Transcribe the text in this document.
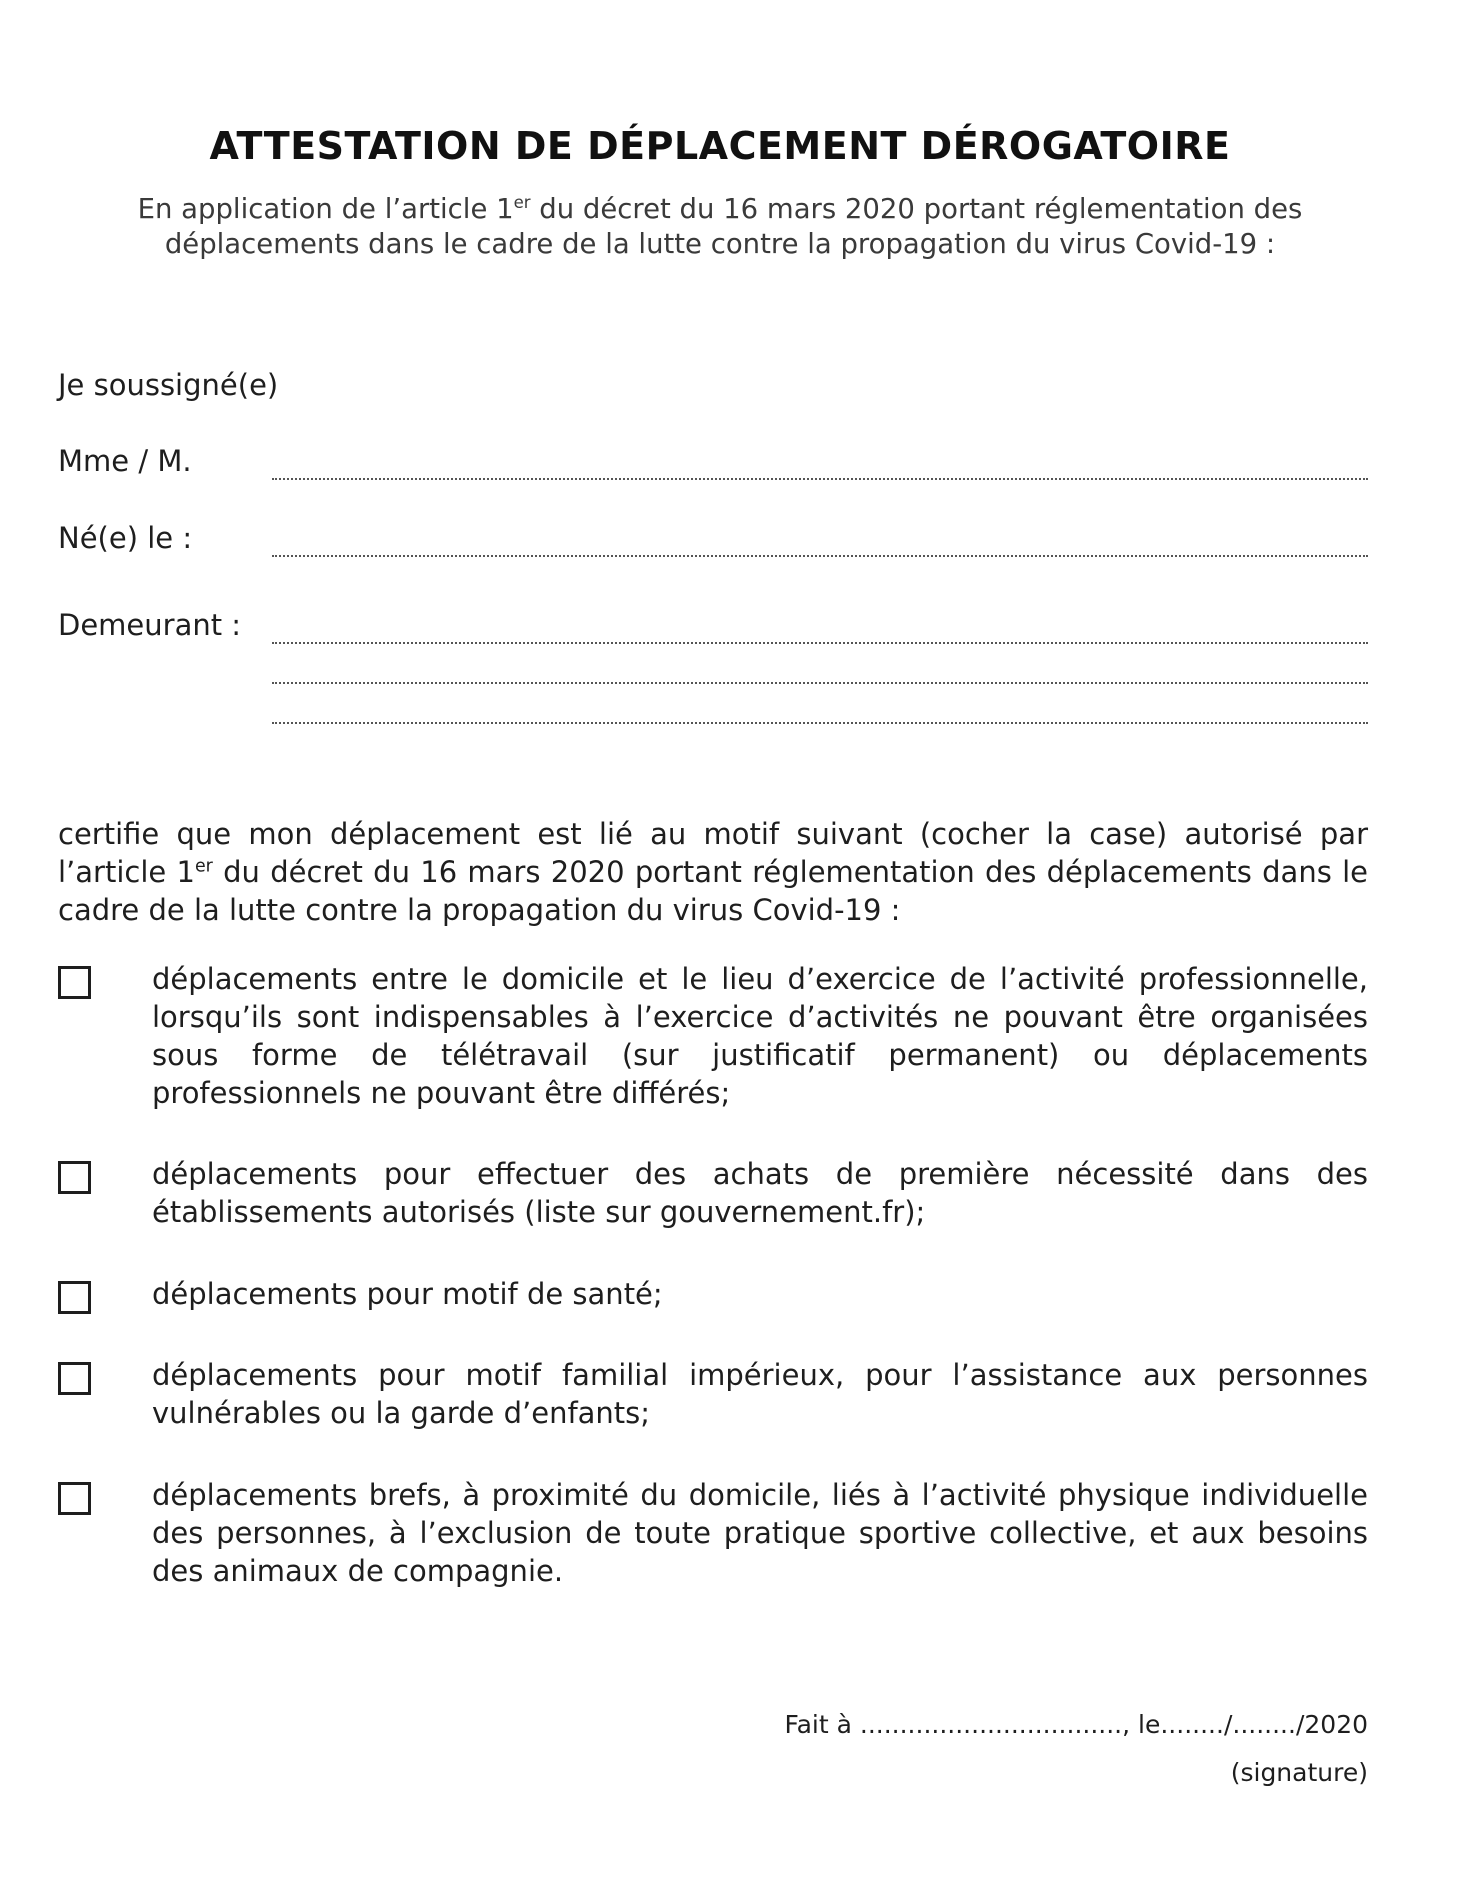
ATTESTATION DE DÉPLACEMENT DÉROGATOIRE
En application de l’article 1er du décret du 16 mars 2020 portant réglementation des déplacements dans le cadre de la lutte contre la propagation du virus Covid-19 :
Je soussigné(e)
Mme / M.
Né(e) le :
Demeurant :
certifie que mon déplacement est lié au motif suivant (cocher la case) autorisé par l’article 1er du décret du 16 mars 2020 portant réglementation des déplacements dans le cadre de la lutte contre la propagation du virus Covid-19 :
déplacements entre le domicile et le lieu d’exercice de l’activité professionnelle, lorsqu’ils sont indispensables à l’exercice d’activités ne pouvant être organisées sous forme de télétravail (sur justificatif permanent) ou déplacements professionnels ne pouvant être différés;
déplacements pour effectuer des achats de première nécessité dans des établissements autorisés (liste sur gouvernement.fr);
déplacements pour motif de santé;
déplacements pour motif familial impérieux, pour l’assistance aux personnes vulnérables ou la garde d’enfants;
déplacements brefs, à proximité du domicile, liés à l’activité physique individuelle des personnes, à l’exclusion de toute pratique sportive collective, et aux besoins des animaux de compagnie.
Fait à ................................., le......../......../2020
(signature)
